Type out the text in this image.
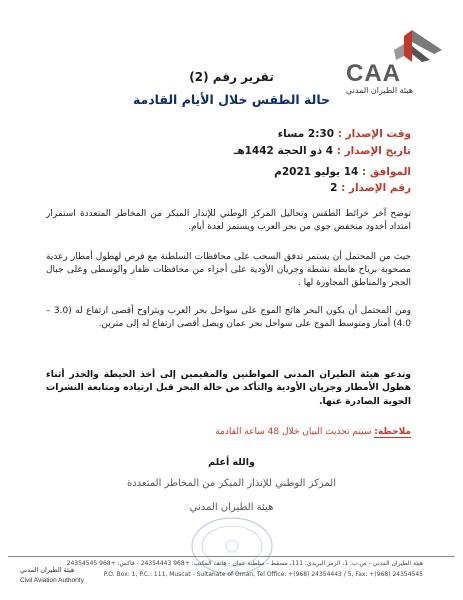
CAA
هيئة الطيران المدني
تقرير رقم (2)
حالة الطقس خلال الأيام القادمة
وقت الإصدار : 2:30 مساء
تاريخ الإصدار : 4 ذو الحجة 1442هـ
الموافق : 14 يوليو 2021م
رقم الإصدار : 2
توضح آخر خرائط الطقس وتحاليل المركز الوطني للإنذار المبكر من المخاطر المتعددة استمرار امتداد أخدود منخفض جوي من بحر العرب ويستمر لعدة أيام.
حيث من المحتمل أن يستمر تدفق السحب على محافظات السلطنة مع فرص لهطول أمطار رعدية مصحوبة برياح هابطة نشطة وجريان الأودية على أجزاء من محافظات ظفار والوسطى وعلى جبال الحجر والمناطق المجاورة لها .
ومن المحتمل أن يكون البحر هائج الموج على سواحل بحر العرب ويتراوح أقصى ارتفاع له (3.0 – 4.0) أمتار ومتوسط الموج على سواحل بحر عمان ويصل أقصى ارتفاع له إلى مترين.
وتدعو هيئة الطيران المدني المواطنين والمقيمين إلى أخذ الحيطة والحذر أثناء هطول الأمطار وجريان الأودية والتأكد من حالة البحر قبل ارتياده ومتابعة النشرات الجوية الصادرة عنها.
ملاحظة: سيتم تحديث البيان خلال 48 ساعة القادمة
والله أعلم
المركز الوطني للإنذار المبكر من المخاطر المتعددة
هيئة الطيران المدني
هيئة الطيران المدني - ص.ب: 1، الرمز البريدي: 111، مسقط - سلطنة عمان - هاتف المكتب: +968 24354443 - فاكس: +968 24354545
P.O. Box: 1, P.C.: 111, Muscat - Sultanate of Oman, Tel Office: +(968) 24354443 / 5, Fax: +(968) 24354545
هيئة الطيران المدني
Civil Aviation Authority
